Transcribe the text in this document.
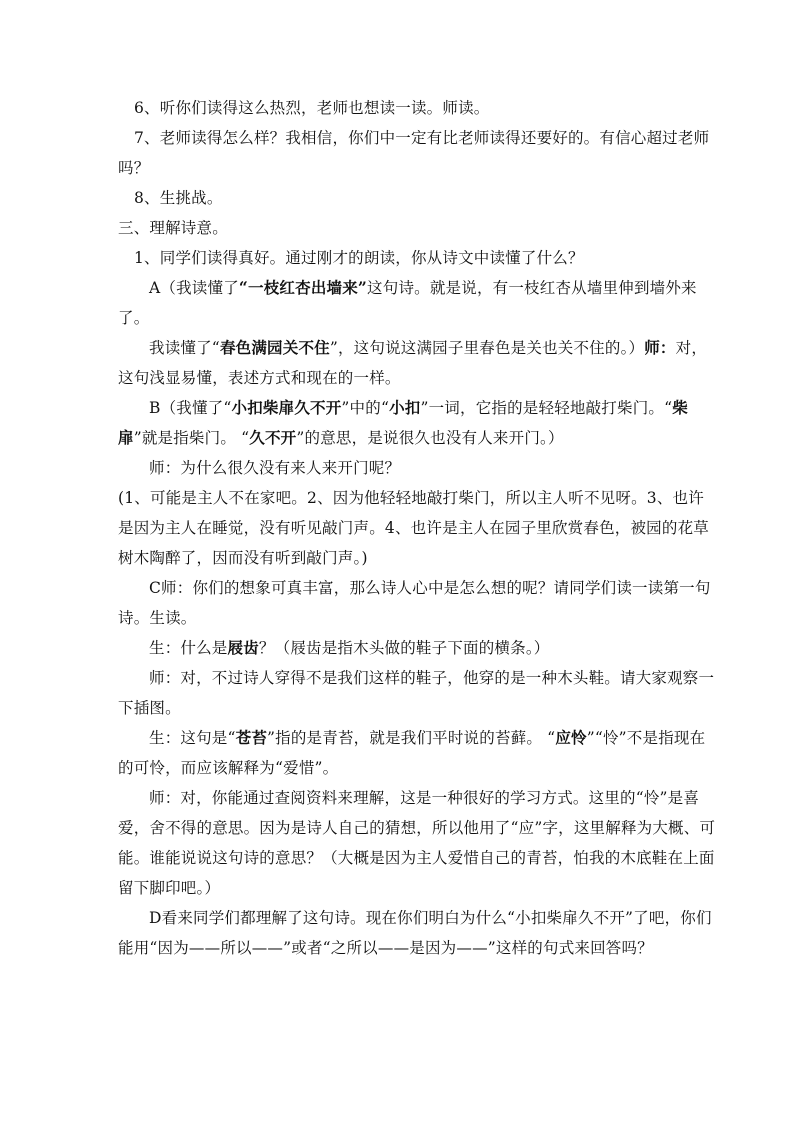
6、听你们读得这么热烈，老师也想读一读。师读。

7、老师读得怎么样？我相信，你们中一定有比老师读得还要好的。有信心超过老师吗？

8、生挑战。

三、理解诗意。

1、同学们读得真好。通过刚才的朗读，你从诗文中读懂了什么？

A（我读懂了“一枝红杏出墙来”这句诗。就是说，有一枝红杏从墙里伸到墙外来了。

我读懂了“春色满园关不住”，这句说这满园子里春色是关也关不住的。）师：对，这句浅显易懂，表述方式和现在的一样。

B（我懂了“小扣柴扉久不开”中的“小扣”一词，它指的是轻轻地敲打柴门。“柴扉”就是指柴门。 “久不开”的意思，是说很久也没有人来开门。）

师：为什么很久没有来人来开门呢？

(1、可能是主人不在家吧。2、因为他轻轻地敲打柴门，所以主人听不见呀。3、也许是因为主人在睡觉，没有听见敲门声。4、也许是主人在园子里欣赏春色，被园的花草树木陶醉了，因而没有听到敲门声。)

C师：你们的想象可真丰富，那么诗人心中是怎么想的呢？请同学们读一读第一句诗。生读。

生：什么是屐齿？（屐齿是指木头做的鞋子下面的横条。）

师：对，不过诗人穿得不是我们这样的鞋子，他穿的是一种木头鞋。请大家观察一下插图。

生：这句是“苍苔”指的是青苔，就是我们平时说的苔藓。 “应怜”“怜”不是指现在的可怜，而应该解释为“爱惜”。

师：对，你能通过查阅资料来理解，这是一种很好的学习方式。这里的“怜”是喜爱，舍不得的意思。因为是诗人自己的猜想，所以他用了“应”字，这里解释为大概、可能。谁能说说这句诗的意思？（大概是因为主人爱惜自己的青苔，怕我的木底鞋在上面留下脚印吧。）

D看来同学们都理解了这句诗。现在你们明白为什么“小扣柴扉久不开”了吧，你们能用“因为——所以——”或者“之所以——是因为——”这样的句式来回答吗？
